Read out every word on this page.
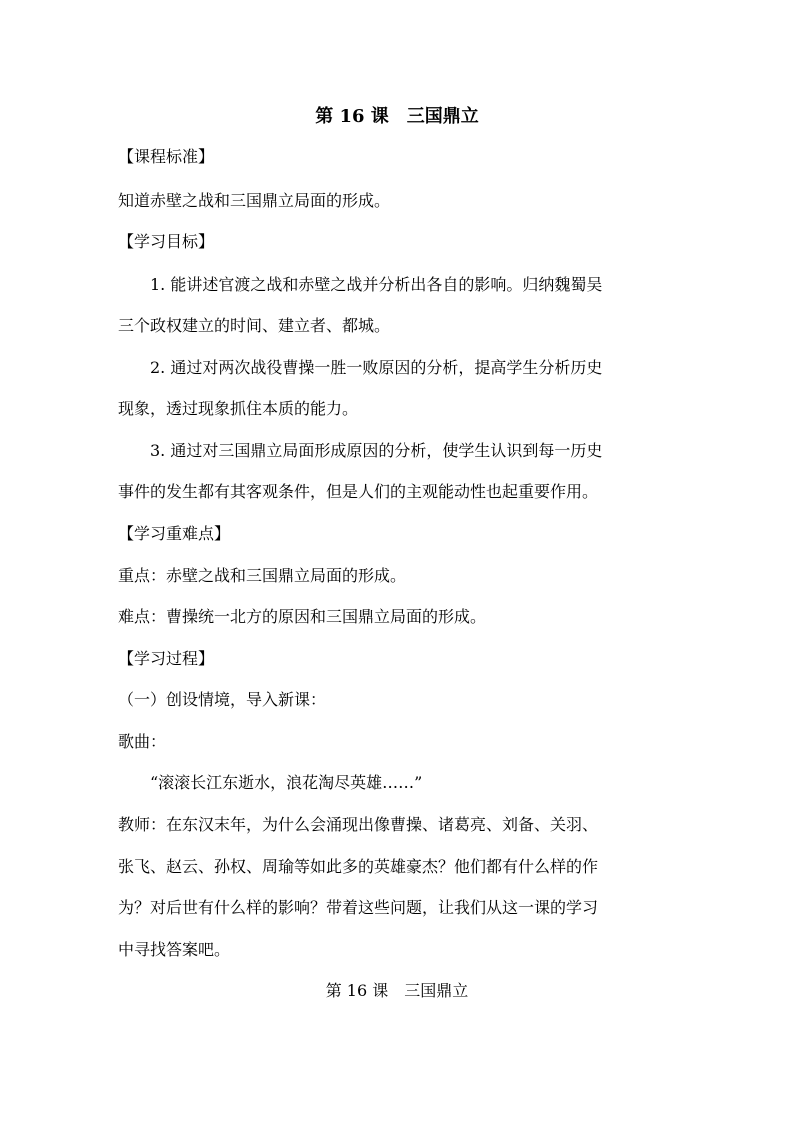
第 16 课　三国鼎立
【课程标准】
知道赤壁之战和三国鼎立局面的形成。
【学习目标】
1. 能讲述官渡之战和赤壁之战并分析出各自的影响。归纳魏蜀吴
三个政权建立的时间、建立者、都城。
2. 通过对两次战役曹操一胜一败原因的分析，提高学生分析历史
现象，透过现象抓住本质的能力。
3. 通过对三国鼎立局面形成原因的分析，使学生认识到每一历史
事件的发生都有其客观条件，但是人们的主观能动性也起重要作用。
【学习重难点】
重点：赤壁之战和三国鼎立局面的形成。
难点：曹操统一北方的原因和三国鼎立局面的形成。
【学习过程】
（一）创设情境，导入新课：
歌曲：
“滚滚长江东逝水，浪花淘尽英雄……”
教师：在东汉末年，为什么会涌现出像曹操、诸葛亮、刘备、关羽、
张飞、赵云、孙权、周瑜等如此多的英雄豪杰？他们都有什么样的作
为？对后世有什么样的影响？带着这些问题，让我们从这一课的学习
中寻找答案吧。
第 16 课　三国鼎立
